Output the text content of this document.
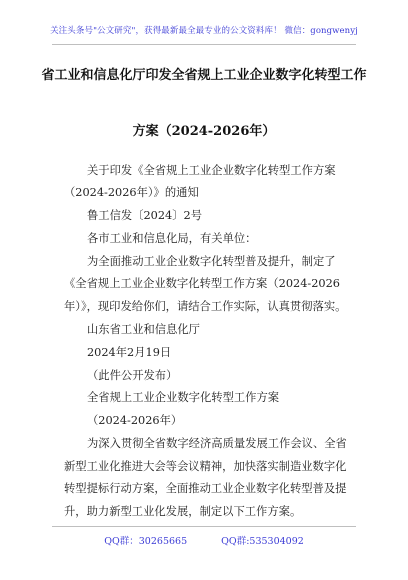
关注头条号"公文研究"，获得最新最全最专业的公文资料库！ 微信：gongwenyj
省工业和信息化厅印发全省规上工业企业数字化转型工作
方案（2024-2026年）
关于印发《全省规上工业企业数字化转型工作方案
（2024-2026年）》的通知
鲁工信发〔2024〕2号
各市工业和信息化局，有关单位：
为全面推动工业企业数字化转型普及提升，制定了
《全省规上工业企业数字化转型工作方案（2024-2026
年）》，现印发给你们，请结合工作实际，认真贯彻落实。
山东省工业和信息化厅
2024年2月19日
（此件公开发布）
全省规上工业企业数字化转型工作方案
（2024-2026年）
为深入贯彻全省数字经济高质量发展工作会议、全省
新型工业化推进大会等会议精神，加快落实制造业数字化
转型提标行动方案，全面推动工业企业数字化转型普及提
升，助力新型工业化发展，制定以下工作方案。
QQ群：30265665	QQ群:535304092
